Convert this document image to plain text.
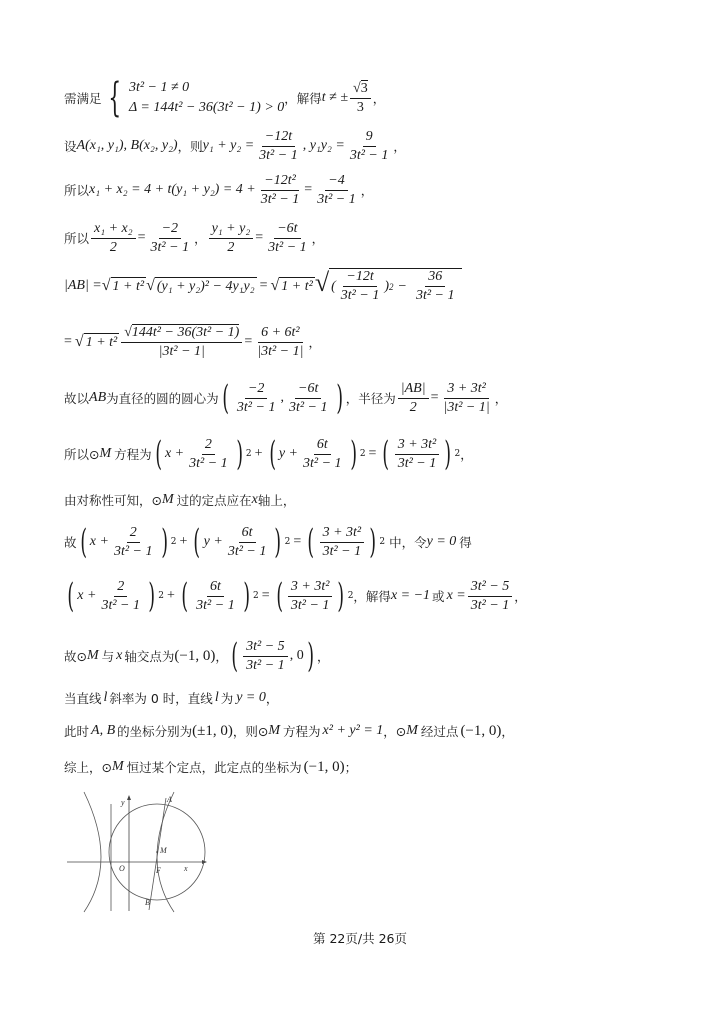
需满足 { 3t² − 1 ≠ 0
Δ = 144t² − 36(3t² − 1) > 0
，解得 t ≠ ± $\frac{√3}{3}$ ，
设 A(x₁, y₁), B(x₂, y₂) ，则 $y_1 + y_2 = \frac{-12t}{\text{3t² − 1}}$ , $y_1y_2 = \frac{9}{\text{3t² − 1}}$ ，
所以 $x_1 + x_2 = 4 + t(y_1 + y_2) = 4 + \frac{\text{−12t²}}{\text{3t² − 1}} = \frac{-4}{\text{3t² − 1}}$ ，
所以 $\frac{\text{x₁ + x₂}}{2} = \frac{-2}{\text{3t² − 1}}$ ， $\frac{\text{y₁ + y₂}}{2} = \frac{-6t}{\text{3t² − 1}}$ ，
|AB| = √ 1 + t² √ (y₁ + y₂)² − 4y₁y₂ = √ 1 + t² √ ( $\frac{-12t}{\text{3t² − 1}}$ ) $2 - \frac{36}{\text{3t² − 1}}$
= √ $1 + t^2 \frac{\text{√144t² − 36(3t² − 1)}}{\text{|3t² − 1|}} = \frac{\text{6 + 6t²}}{\text{|3t² − 1|}}$ ，
故以 AB 为直径的圆的圆心为 ( $\frac{-2}{\text{3t² − 1}}$ , $\frac{-6t}{\text{3t² − 1}}$ ) ，半径为 $\frac{|AB|}{2} = \frac{\text{3 + 3t²}}{\text{|3t² − 1|}}$ ，
所以⊙ M 方程为 ( $x + \frac{2}{\text{3t² − 1}}$ ) 2 + ( $y + \frac{6t}{\text{3t² − 1}}$ ) 2 = ( $\frac{\text{3 + 3t²}}{\text{3t² − 1}}$ ) 2 ，
由对称性可知，⊙ M 过的定点应在 x 轴上，
故 ( $x + \frac{2}{\text{3t² − 1}}$ ) 2 + ( $y + \frac{6t}{\text{3t² − 1}}$ ) 2 = ( $\frac{\text{3 + 3t²}}{\text{3t² − 1}}$ ) 2 中，令 y = 0 得
( $x + \frac{2}{\text{3t² − 1}}$ ) 2 + ( $\frac{6t}{\text{3t² − 1}}$ ) 2 = ( $\frac{\text{3 + 3t²}}{\text{3t² − 1}}$ ) 2 ，解得 x = −1 或 $x = \frac{\text{3t² − 5}}{\text{3t² − 1}}$ ，
故⊙ M 与 x 轴交点为 (−1, 0) ， ( $\frac{\text{3t² − 5}}{\text{3t² − 1}}$ , 0 ) ，
当直线 l 斜率为 0 时，直线 l 为 y = 0 ，
此时 A, B 的坐标分别为 (±1, 0) ，则⊙ M 方程为 x² + y² = 1 ，⊙ M 经过点 (−1, 0) ，
综上，⊙ M 恒过某个定点，此定点的坐标为 (−1, 0) ；
A
M
O	F	x
y
B
第 22页/共 26页
